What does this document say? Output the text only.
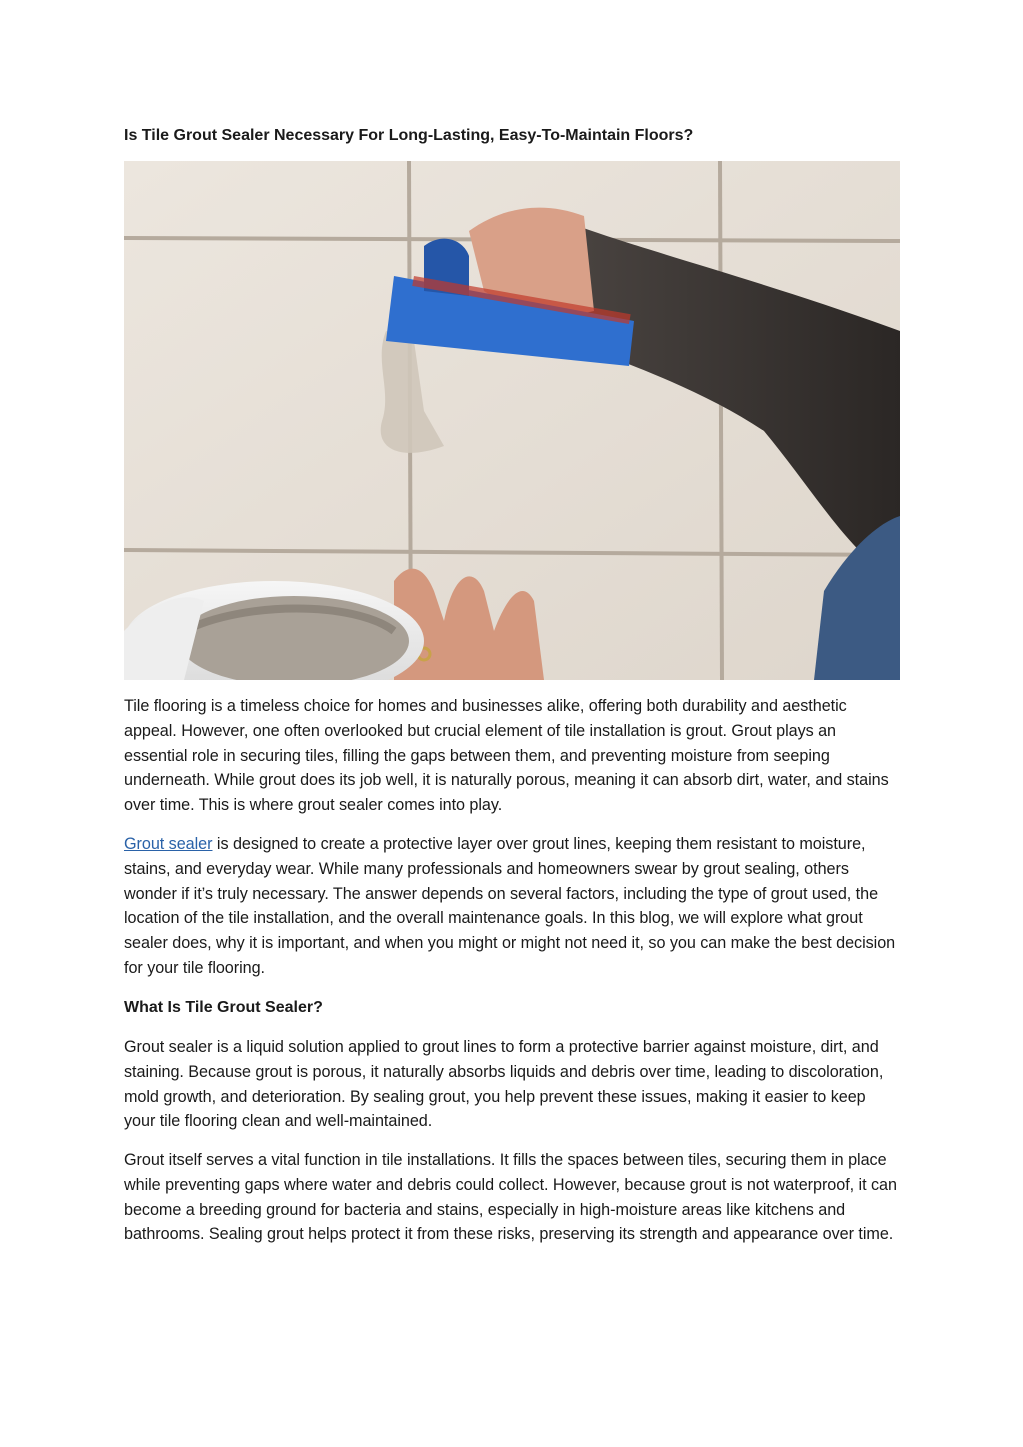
Is Tile Grout Sealer Necessary For Long-Lasting, Easy-To-Maintain Floors?

Tile flooring is a timeless choice for homes and businesses alike, offering both durability and aesthetic appeal. However, one often overlooked but crucial element of tile installation is grout. Grout plays an essential role in securing tiles, filling the gaps between them, and preventing moisture from seeping underneath. While grout does its job well, it is naturally porous, meaning it can absorb dirt, water, and stains over time. This is where grout sealer comes into play.

Grout sealer is designed to create a protective layer over grout lines, keeping them resistant to moisture, stains, and everyday wear. While many professionals and homeowners swear by grout sealing, others wonder if it’s truly necessary. The answer depends on several factors, including the type of grout used, the location of the tile installation, and the overall maintenance goals. In this blog, we will explore what grout sealer does, why it is important, and when you might or might not need it, so you can make the best decision for your tile flooring.

What Is Tile Grout Sealer?

Grout sealer is a liquid solution applied to grout lines to form a protective barrier against moisture, dirt, and staining. Because grout is porous, it naturally absorbs liquids and debris over time, leading to discoloration, mold growth, and deterioration. By sealing grout, you help prevent these issues, making it easier to keep your tile flooring clean and well-maintained.

Grout itself serves a vital function in tile installations. It fills the spaces between tiles, securing them in place while preventing gaps where water and debris could collect. However, because grout is not waterproof, it can become a breeding ground for bacteria and stains, especially in high-moisture areas like kitchens and bathrooms. Sealing grout helps protect it from these risks, preserving its strength and appearance over time.
